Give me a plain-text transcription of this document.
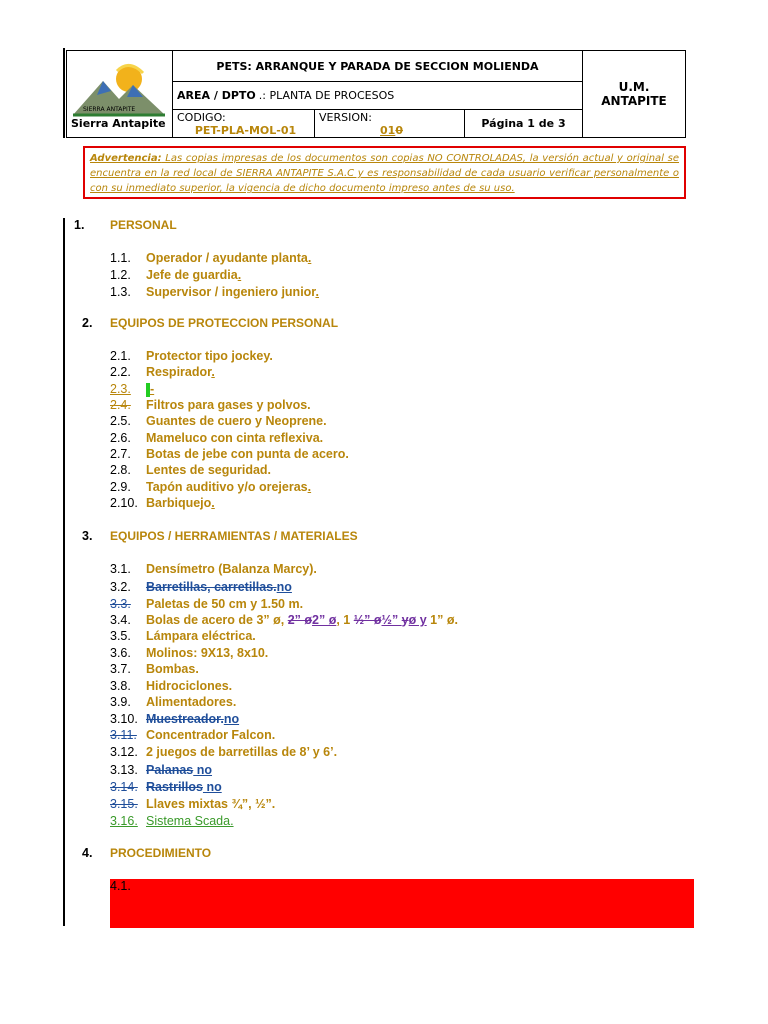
SIERRA ANTAPITE
Sierra Antapite
PETS: ARRANQUE Y PARADA DE SECCION MOLIENDA
AREA / DPTO .: PLANTA DE PROCESOS
CODIGO:
PET-PLA-MOL-01
VERSION:
010
Página 1 de 3
U.M.
ANTAPITE
Advertencia: Las copias impresas de los documentos son copias NO CONTROLADAS, la versión actual y original se encuentra en la red local de SIERRA ANTAPITE S.A.C y es responsabilidad de cada usuario verificar personalmente o con su inmediato superior, la vigencia de dicho documento impreso antes de su uso.
1. PERSONAL
1.1. Operador / ayudante planta.
1.2. Jefe de guardia.
1.3. Supervisor / ingeniero junior.
2. EQUIPOS DE PROTECCION PERSONAL
2.1. Protector tipo jockey.
2.2. Respirador.
2.3.	-
2.4. Filtros para gases y polvos.
2.5. Guantes de cuero y Neoprene.
2.6. Mameluco con cinta reflexiva.
2.7. Botas de jebe con punta de acero.
2.8. Lentes de seguridad.
2.9. Tapón auditivo y/o orejeras.
2.10. Barbiquejo.
3. EQUIPOS / HERRAMIENTAS / MATERIALES
3.1. Densímetro (Balanza Marcy).
3.2. Barretillas, carretillas.no
3.3. Paletas de 50 cm y 1.50 m.
3.4. Bolas de acero de 3” ø, 2” ø2” ø, 1 ½” ø½” yø y 1” ø.
3.5. Lámpara eléctrica.
3.6. Molinos: 9X13, 8x10.
3.7. Bombas.
3.8. Hidrociclones.
3.9. Alimentadores.
3.10. Muestreador.no
3.11. Concentrador Falcon.
3.12. 2 juegos de barretillas de 8’ y 6’.
3.13. Palanas no
3.14. Rastrillos no
3.15. Llaves mixtas ¾”, ½”.
3.16. Sistema Scada.
4. PROCEDIMIENTO
4.1.
